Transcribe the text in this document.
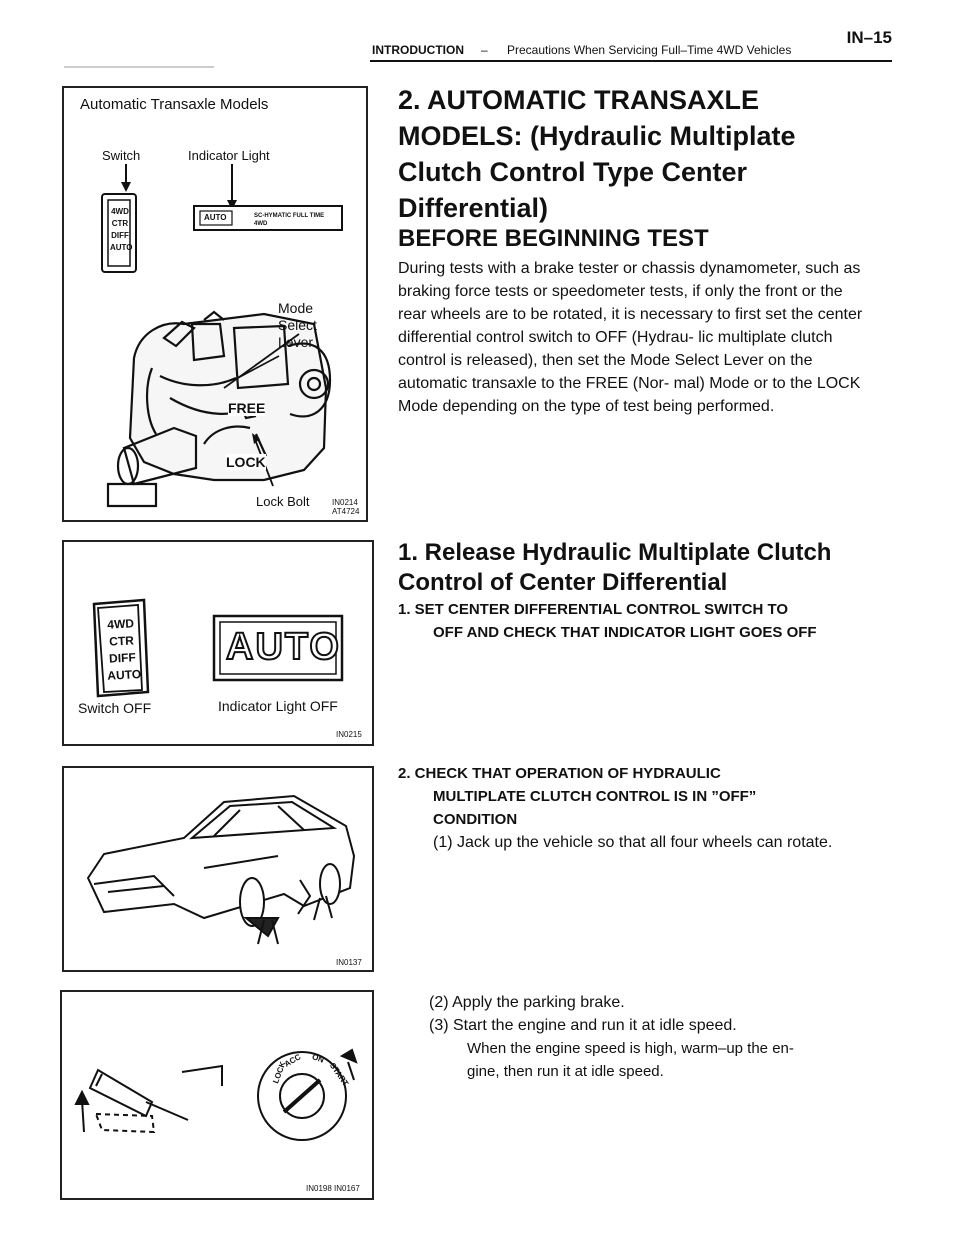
INTRODUCTION – Precautions When Servicing Full–Time 4WD Vehicles
IN–15
Automatic Transaxle Models
Switch	Indicator Light
4WD
CTR
DIFF
AUTO
AUTO	SC-HYMATIC FULL TIME 4WD
Mode
Select
Lever
FREE
LOCK
Lock Bolt	IN0214 AT4724
2. AUTOMATIC TRANSAXLE
MODELS: (Hydraulic Multiplate
Clutch Control Type Center
Differential)
BEFORE BEGINNING TEST

During tests with a brake tester or chassis dynamometer, such as braking force tests or speedometer tests, if only the front or the rear wheels are to be rotated, it is necessary to first set the center differential control switch to OFF (Hydrau- lic multiplate clutch control is released), then set the Mode Select Lever on the automatic transaxle to the FREE (Nor- mal) Mode or to the LOCK Mode depending on the type of test being performed.

4WD
CTR
DIFF
AUTO
AUTO
Switch OFF	Indicator Light OFF
IN0215
1. Release Hydraulic Multiplate Clutch
Control of Center Differential
1. SET CENTER DIFFERENTIAL CONTROL SWITCH TO
OFF AND CHECK THAT INDICATOR LIGHT GOES OFF
IN0137
2. CHECK THAT OPERATION OF HYDRAULIC
MULTIPLATE CLUTCH CONTROL IS IN ”OFF”
CONDITION
(1) Jack up the vehicle so that all four wheels can rotate.
LOCK
ACC ON
START
IN0198 IN0167
(2) Apply the parking brake.
(3) Start the engine and run it at idle speed.
When the engine speed is high, warm–up the en-
gine, then run it at idle speed.
